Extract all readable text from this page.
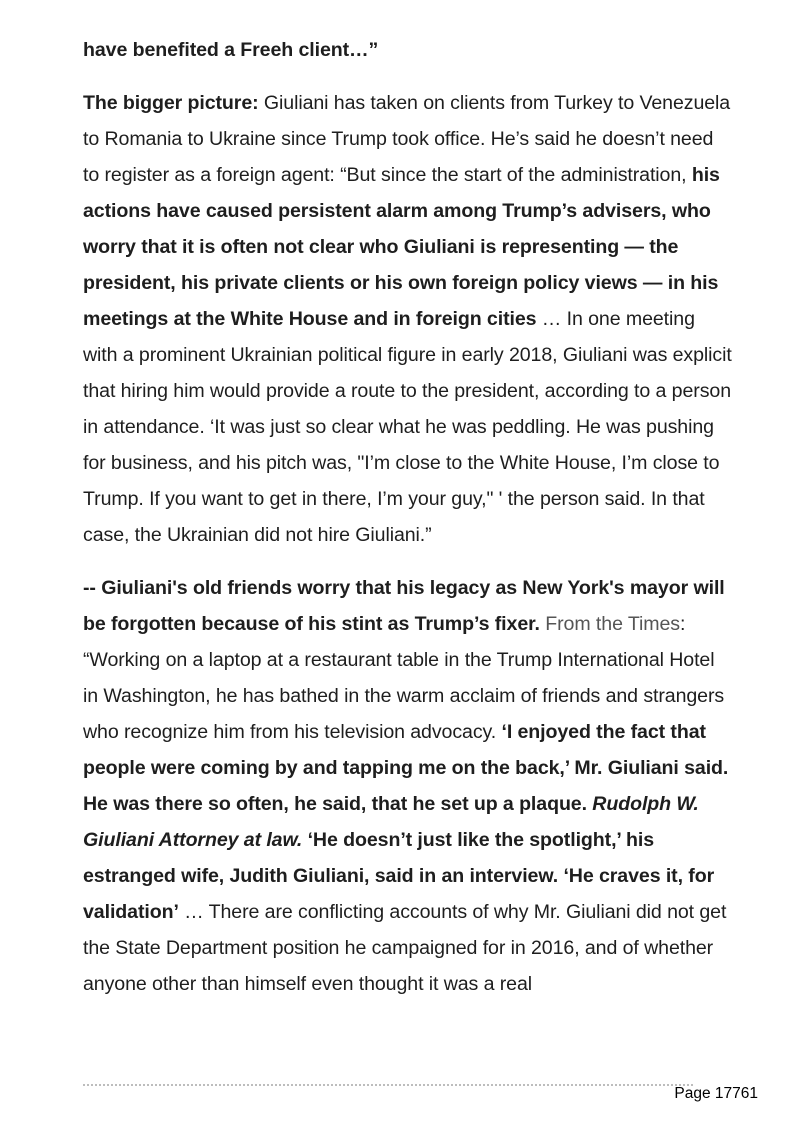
have benefited a Freeh client…”

The bigger picture: Giuliani has taken on clients from Turkey to Venezuela to Romania to Ukraine since Trump took office. He’s said he doesn’t need to register as a foreign agent: “But since the start of the administration, his actions have caused persistent alarm among Trump’s advisers, who worry that it is often not clear who Giuliani is representing — the president, his private clients or his own foreign policy views — in his meetings at the White House and in foreign cities … In one meeting with a prominent Ukrainian political figure in early 2018, Giuliani was explicit that hiring him would provide a route to the president, according to a person in attendance. ‘It was just so clear what he was peddling. He was pushing for business, and his pitch was, "I’m close to the White House, I’m close to Trump. If you want to get in there, I’m your guy," ' the person said. In that case, the Ukrainian did not hire Giuliani.”

-- Giuliani's old friends worry that his legacy as New York's mayor will be forgotten because of his stint as Trump’s fixer. From the Times: “Working on a laptop at a restaurant table in the Trump International Hotel in Washington, he has bathed in the warm acclaim of friends and strangers who recognize him from his television advocacy. ‘I enjoyed the fact that people were coming by and tapping me on the back,’ Mr. Giuliani said. He was there so often, he said, that he set up a plaque. Rudolph W. Giuliani Attorney at law. ‘He doesn’t just like the spotlight,’ his estranged wife, Judith Giuliani, said in an interview. ‘He craves it, for validation’ … There are conflicting accounts of why Mr. Giuliani did not get the State Department position he campaigned for in 2016, and of whether anyone other than himself even thought it was a real

Page 17761
